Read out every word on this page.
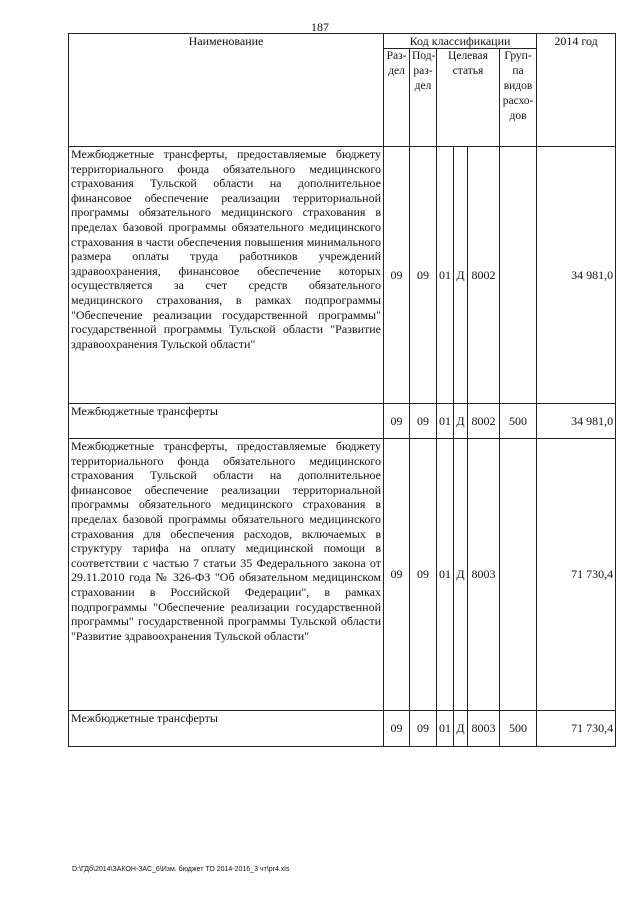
187
Наименование	Код классификации						2014 год
	Раз-дел	Под-раз-дел	Целевая статья			Груп-па видов расхо-дов	
Межбюджетные трансферты, предоставляемые бюджету территориального фонда обязательного медицинского страхования Тульской области на дополнительное финансовое обеспечение реализации территориальной программы обязательного медицинского страхования в пределах базовой программы обязательного медицинского страхования в части обеспечения повышения минимального размера оплаты труда работников учреждений здравоохранения, финансовое обеспечение которых осуществляется за счет средств обязательного медицинского страхования, в рамках подпрограммы "Обеспечение реализации государственной программы" государственной программы Тульской области "Развитие здравоохранения Тульской области"	09	09	01	Д	8002		34 981,0
Межбюджетные трансферты	09	09	01	Д	8002	500	34 981,0
Межбюджетные трансферты, предоставляемые бюджету территориального фонда обязательного медицинского страхования Тульской области на дополнительное финансовое обеспечение реализации территориальной программы обязательного медицинского страхования в пределах базовой программы обязательного медицинского страхования для обеспечения расходов, включаемых в структуру тарифа на оплату медицинской помощи в соответствии с частью 7 статьи 35 Федерального закона от 29.11.2010 года № 326-ФЗ "Об обязательном медицинском страховании в Российской Федерации", в рамках подпрограммы "Обеспечение реализации государственной программы" государственной программы Тульской области "Развитие здравоохранения Тульской области"	09	09	01	Д	8003		71 730,4
Межбюджетные трансферты	09	09	01	Д	8003	500	71 730,4
D:\ГДб\2014\ЗАКОН-ЗАС_6\Изм. бюджет ТО 2014-2016_3 чт\pr4.xls
